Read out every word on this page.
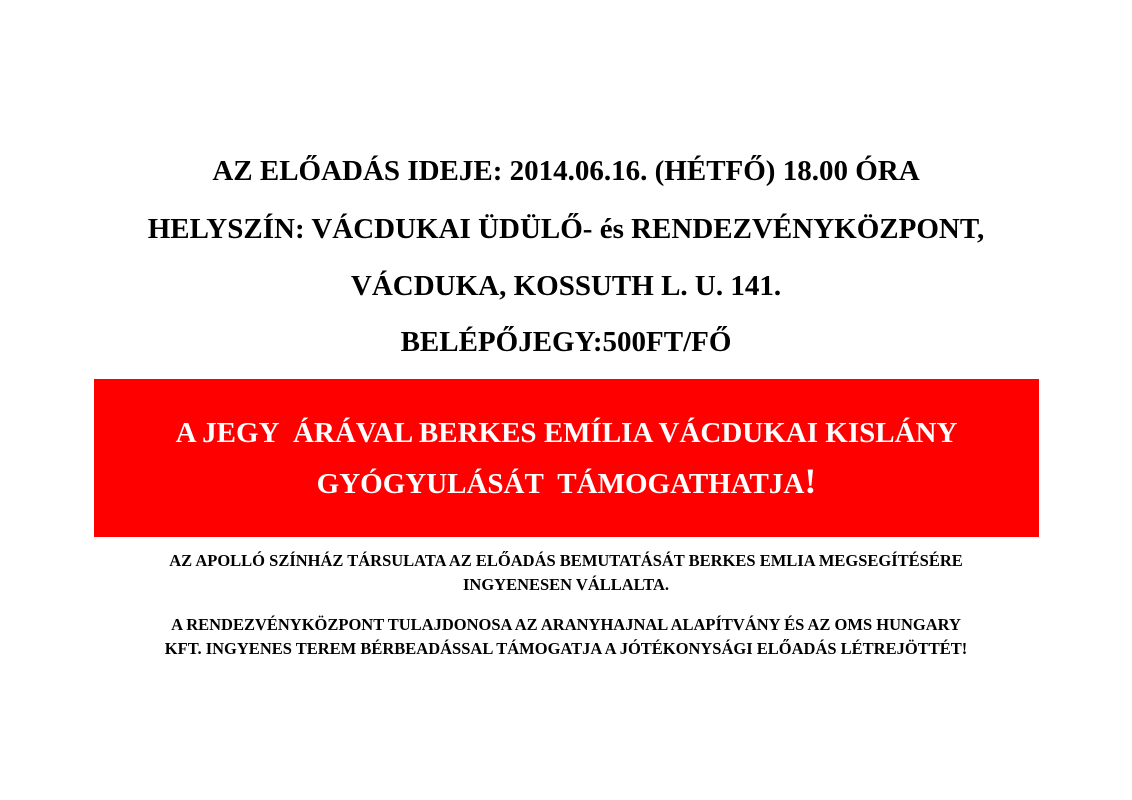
AZ ELŐADÁS IDEJE: 2014.06.16. (HÉTFŐ) 18.00 ÓRA
HELYSZÍN: VÁCDUKAI ÜDÜLŐ- és RENDEZVÉNYKÖZPONT,
VÁCDUKA, KOSSUTH L. U. 141.
BELÉPŐJEGY:500FT/FŐ
A JEGY  ÁRÁVAL BERKES EMÍLIA VÁCDUKAI KISLÁNY
GYÓGYULÁSÁT  TÁMOGATHATJA!
AZ APOLLÓ SZÍNHÁZ TÁRSULATA AZ ELŐADÁS BEMUTATÁSÁT BERKES EMLIA MEGSEGÍTÉSÉRE
INGYENESEN VÁLLALTA.
A RENDEZVÉNYKÖZPONT TULAJDONOSA AZ ARANYHAJNAL ALAPÍTVÁNY ÉS AZ OMS HUNGARY
KFT. INGYENES TEREM BÉRBEADÁSSAL TÁMOGATJA A JÓTÉKONYSÁGI ELŐADÁS LÉTREJÖTTÉT!
